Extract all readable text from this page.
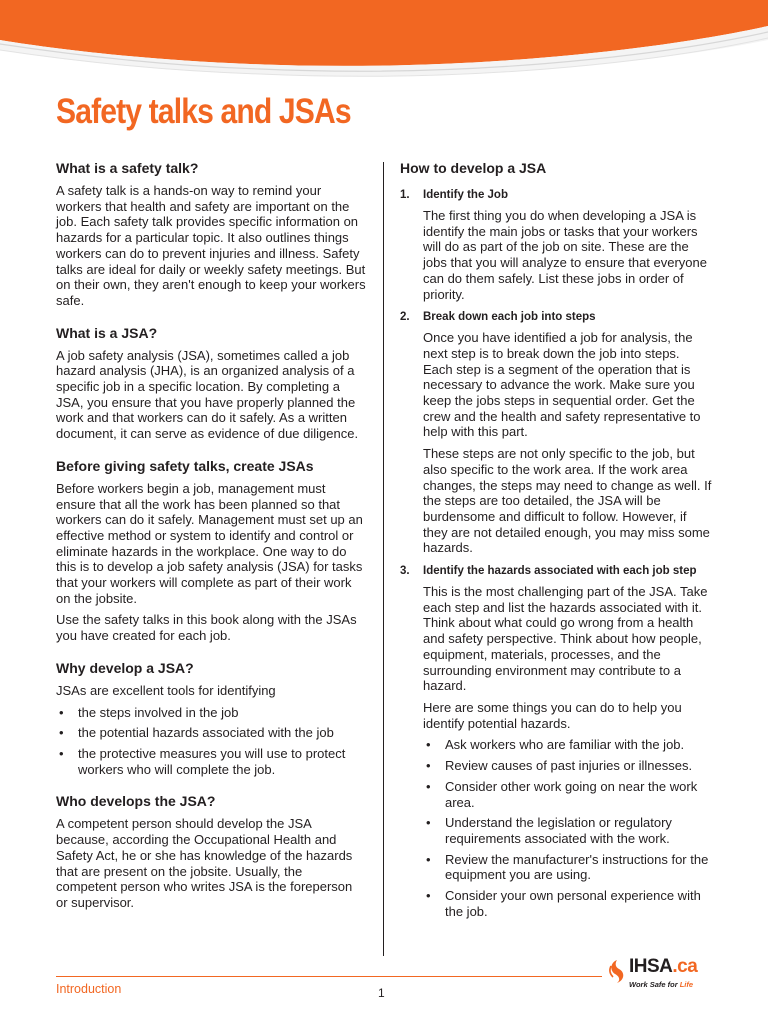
Safety talks and JSAs
What is a safety talk?

A safety talk is a hands-on way to remind your workers that health and safety are important on the job. Each safety talk provides specific information on hazards for a particular topic. It also outlines things workers can do to prevent injuries and illness. Safety talks are ideal for daily or weekly safety meetings. But on their own, they aren't enough to keep your workers safe.

What is a JSA?

A job safety analysis (JSA), sometimes called a job hazard analysis (JHA), is an organized analysis of a specific job in a specific location. By completing a JSA, you ensure that you have properly planned the work and that workers can do it safely. As a written document, it can serve as evidence of due diligence.

Before giving safety talks, create JSAs

Before workers begin a job, management must ensure that all the work has been planned so that workers can do it safely. Management must set up an effective method or system to identify and control or eliminate hazards in the workplace. One way to do this is to develop a job safety analysis (JSA) for tasks that your workers will complete as part of their work on the jobsite.

Use the safety talks in this book along with the JSAs you have created for each job.

Why develop a JSA?

JSAs are excellent tools for identifying

• the steps involved in the job
• the potential hazards associated with the job
• the protective measures you will use to protect workers who will complete the job.
Who develops the JSA?

A competent person should develop the JSA because, according the Occupational Health and Safety Act, he or she has knowledge of the hazards that are present on the jobsite. Usually, the competent person who writes JSA is the foreperson or supervisor.

How to develop a JSA
1. Identify the Job

The first thing you do when developing a JSA is identify the main jobs or tasks that your workers will do as part of the job on site. These are the jobs that you will analyze to ensure that everyone can do them safely. List these jobs in order of priority.

2. Break down each job into steps

Once you have identified a job for analysis, the next step is to break down the job into steps. Each step is a segment of the operation that is necessary to advance the work. Make sure you keep the jobs steps in sequential order. Get the crew and the health and safety representative to help with this part.

These steps are not only specific to the job, but also specific to the work area. If the work area changes, the steps may need to change as well. If the steps are too detailed, the JSA will be burdensome and difficult to follow. However, if they are not detailed enough, you may miss some hazards.

3. Identify the hazards associated with each job step

This is the most challenging part of the JSA. Take each step and list the hazards associated with it. Think about what could go wrong from a health and safety perspective. Think about how people, equipment, materials, processes, and the surrounding environment may contribute to a hazard.

Here are some things you can do to help you identify potential hazards.

• Ask workers who are familiar with the job.
• Review causes of past injuries or illnesses.
• Consider other work going on near the work area.
• Understand the legislation or regulatory requirements associated with the work.
• Review the manufacturer's instructions for the equipment you are using.
• Consider your own personal experience with the job.
Introduction	1
IHSA.ca
Work Safe for Life
